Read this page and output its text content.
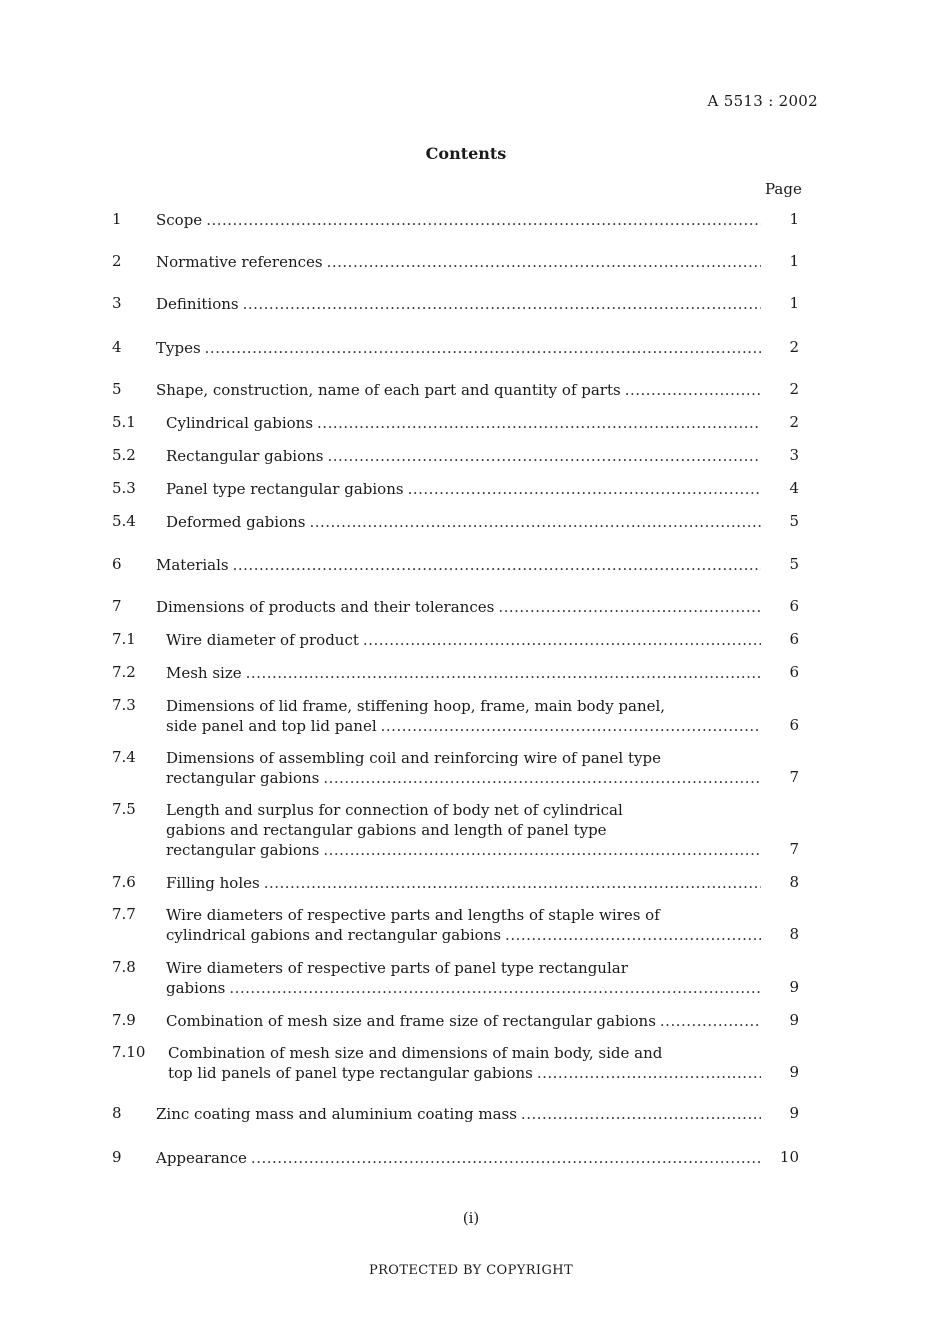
A 5513 : 2002
Contents
Page
1 Scope .....	1
2 Normative references .....	1
3 Definitions .....	1
4 Types .....	2
5 Shape, construction, name of each part and quantity of parts .....	2
5.1 Cylindrical gabions .....	2
5.2 Rectangular gabions .....	3
5.3 Panel type rectangular gabions .....	4
5.4 Deformed gabions .....	5
6 Materials .....	5
7 Dimensions of products and their tolerances .....	6
7.1 Wire diameter of product .....	6
7.2 Mesh size .....	6
7.3 Dimensions of lid frame, stiffening hoop, frame, main body panel,
side panel and top lid panel .....	6
7.4 Dimensions of assembling coil and reinforcing wire of panel type
rectangular gabions .....	7
7.5 Length and surplus for connection of body net of cylindrical
gabions and rectangular gabions and length of panel type
rectangular gabions .....	7
7.6 Filling holes .....	8
7.7 Wire diameters of respective parts and lengths of staple wires of
cylindrical gabions and rectangular gabions .....	8
7.8 Wire diameters of respective parts of panel type rectangular
gabions .....	9
7.9 Combination of mesh size and frame size of rectangular gabions .....	9
7.10 Combination of mesh size and dimensions of main body, side and
top lid panels of panel type rectangular gabions .....	9
8 Zinc coating mass and aluminium coating mass .....	9
9 Appearance .....	10
(i)
PROTECTED BY COPYRIGHT
